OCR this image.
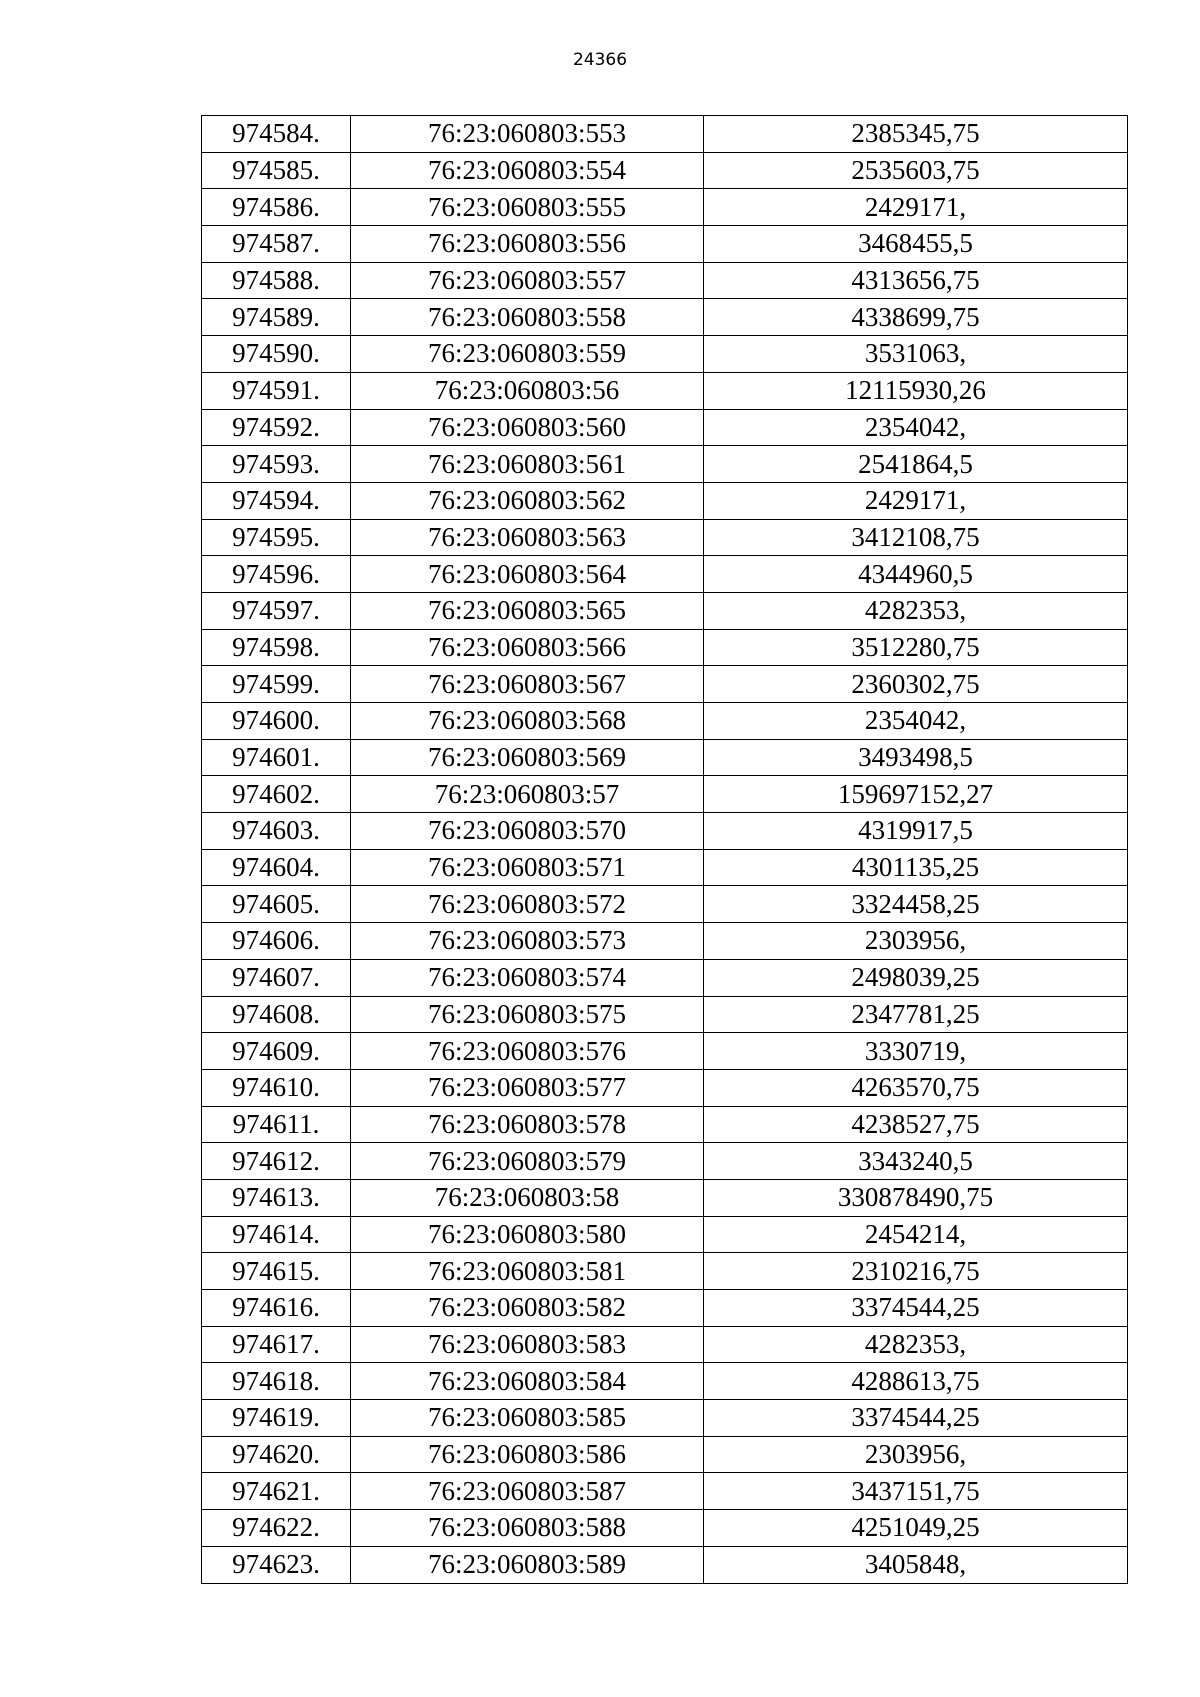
24366
974584.	76:23:060803:553	2385345,75
974585.	76:23:060803:554	2535603,75
974586.	76:23:060803:555	2429171,
974587.	76:23:060803:556	3468455,5
974588.	76:23:060803:557	4313656,75
974589.	76:23:060803:558	4338699,75
974590.	76:23:060803:559	3531063,
974591.	76:23:060803:56	12115930,26
974592.	76:23:060803:560	2354042,
974593.	76:23:060803:561	2541864,5
974594.	76:23:060803:562	2429171,
974595.	76:23:060803:563	3412108,75
974596.	76:23:060803:564	4344960,5
974597.	76:23:060803:565	4282353,
974598.	76:23:060803:566	3512280,75
974599.	76:23:060803:567	2360302,75
974600.	76:23:060803:568	2354042,
974601.	76:23:060803:569	3493498,5
974602.	76:23:060803:57	159697152,27
974603.	76:23:060803:570	4319917,5
974604.	76:23:060803:571	4301135,25
974605.	76:23:060803:572	3324458,25
974606.	76:23:060803:573	2303956,
974607.	76:23:060803:574	2498039,25
974608.	76:23:060803:575	2347781,25
974609.	76:23:060803:576	3330719,
974610.	76:23:060803:577	4263570,75
974611.	76:23:060803:578	4238527,75
974612.	76:23:060803:579	3343240,5
974613.	76:23:060803:58	330878490,75
974614.	76:23:060803:580	2454214,
974615.	76:23:060803:581	2310216,75
974616.	76:23:060803:582	3374544,25
974617.	76:23:060803:583	4282353,
974618.	76:23:060803:584	4288613,75
974619.	76:23:060803:585	3374544,25
974620.	76:23:060803:586	2303956,
974621.	76:23:060803:587	3437151,75
974622.	76:23:060803:588	4251049,25
974623.	76:23:060803:589	3405848,
